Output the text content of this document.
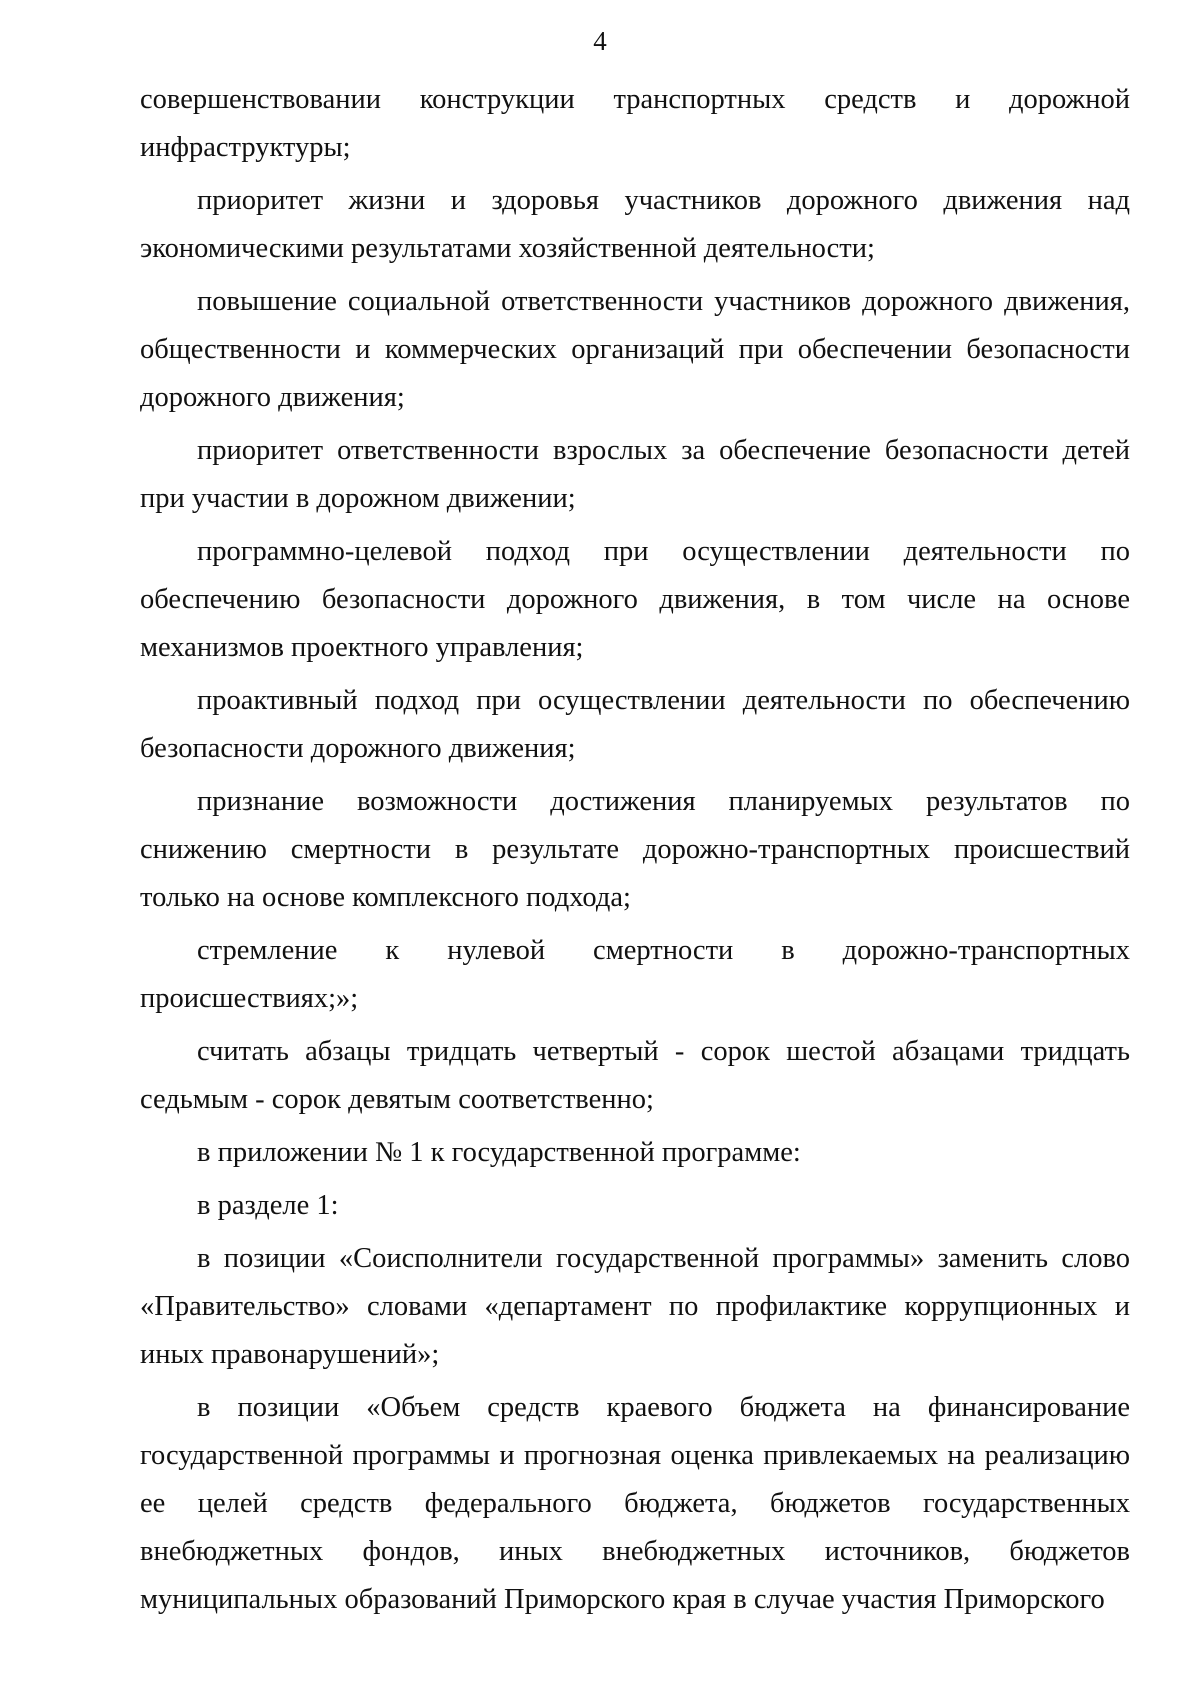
4

совершенствовании конструкции транспортных средств и дорожной инфраструктуры;

приоритет жизни и здоровья участников дорожного движения над экономическими результатами хозяйственной деятельности;

повышение социальной ответственности участников дорожного движения, общественности и коммерческих организаций при обеспечении безопасности дорожного движения;

приоритет ответственности взрослых за обеспечение безопасности детей при участии в дорожном движении;

программно-целевой подход при осуществлении деятельности по обеспечению безопасности дорожного движения, в том числе на основе механизмов проектного управления;

проактивный подход при осуществлении деятельности по обеспечению безопасности дорожного движения;

признание возможности достижения планируемых результатов по снижению смертности в результате дорожно-транспортных происшествий только на основе комплексного подхода;

стремление к нулевой смертности в дорожно-транспортных происшествиях;»;

считать абзацы тридцать четвертый - сорок шестой абзацами тридцать седьмым - сорок девятым соответственно;

в приложении № 1 к государственной программе:

в разделе 1:

в позиции «Соисполнители государственной программы» заменить слово «Правительство» словами «департамент по профилактике коррупционных и иных правонарушений»;

в позиции «Объем средств краевого бюджета на финансирование государственной программы и прогнозная оценка привлекаемых на реализацию ее целей средств федерального бюджета, бюджетов государственных внебюджетных фондов, иных внебюджетных источников, бюджетов муниципальных образований Приморского края в случае участия Приморского
